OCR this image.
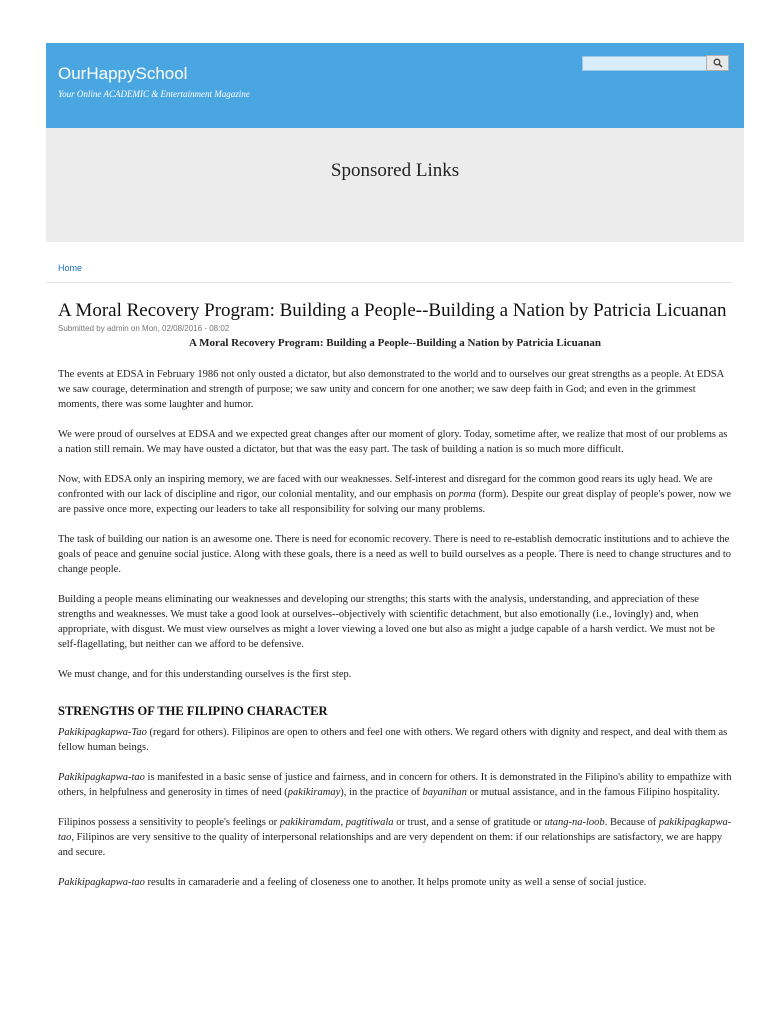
OurHappySchool
Your Online ACADEMIC & Entertainment Magazine
Sponsored Links
Home
A Moral Recovery Program: Building a People--Building a Nation by Patricia Licuanan
Submitted by admin on Mon, 02/08/2016 - 08:02
A Moral Recovery Program: Building a People--Building a Nation by Patricia Licuanan

The events at EDSA in February 1986 not only ousted a dictator, but also demonstrated to the world and to ourselves our great strengths as a people. At EDSA we saw courage, determination and strength of purpose; we saw unity and concern for one another; we saw deep faith in God; and even in the grimmest moments, there was some laughter and humor.

We were proud of ourselves at EDSA and we expected great changes after our moment of glory. Today, sometime after, we realize that most of our problems as a nation still remain. We may have ousted a dictator, but that was the easy part. The task of building a nation is so much more difficult.

Now, with EDSA only an inspiring memory, we are faced with our weaknesses. Self-interest and disregard for the common good rears its ugly head. We are confronted with our lack of discipline and rigor, our colonial mentality, and our emphasis on porma (form). Despite our great display of people's power, now we are passive once more, expecting our leaders to take all responsibility for solving our many problems.

The task of building our nation is an awesome one. There is need for economic recovery. There is need to re-establish democratic institutions and to achieve the goals of peace and genuine social justice. Along with these goals, there is a need as well to build ourselves as a people. There is need to change structures and to change people.

Building a people means eliminating our weaknesses and developing our strengths; this starts with the analysis, understanding, and appreciation of these strengths and weaknesses. We must take a good look at ourselves--objectively with scientific detachment, but also emotionally (i.e., lovingly) and, when appropriate, with disgust. We must view ourselves as might a lover viewing a loved one but also as might a judge capable of a harsh verdict. We must not be self-flagellating, but neither can we afford to be defensive.

We must change, and for this understanding ourselves is the first step.

STRENGTHS OF THE FILIPINO CHARACTER

Pakikipagkapwa-Tao (regard for others). Filipinos are open to others and feel one with others. We regard others with dignity and respect, and deal with them as fellow human beings.

Pakikipagkapwa-tao is manifested in a basic sense of justice and fairness, and in concern for others. It is demonstrated in the Filipino's ability to empathize with others, in helpfulness and generosity in times of need (pakikiramay), in the practice of bayanihan or mutual assistance, and in the famous Filipino hospitality.

Filipinos possess a sensitivity to people's feelings or pakikiramdam, pagtitiwala or trust, and a sense of gratitude or utang-na-loob. Because of pakikipagkapwa-tao, Filipinos are very sensitive to the quality of interpersonal relationships and are very dependent on them: if our relationships are satisfactory, we are happy and secure.

Pakikipagkapwa-tao results in camaraderie and a feeling of closeness one to another. It helps promote unity as well a sense of social justice.
